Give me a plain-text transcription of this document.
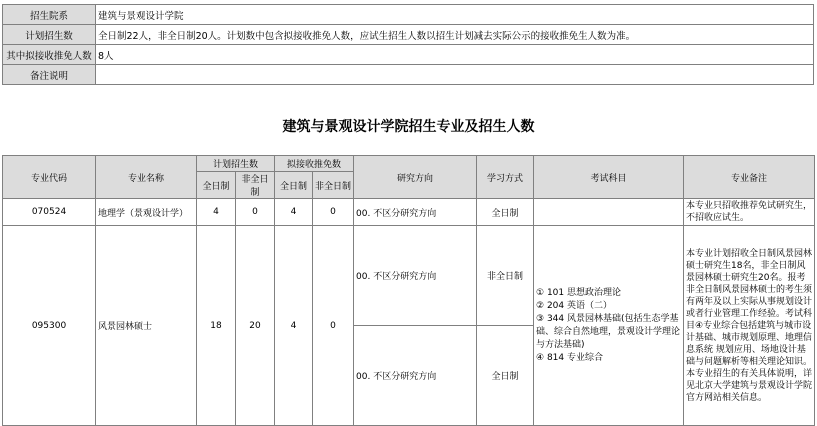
招生院系	建筑与景观设计学院
计划招生数	全日制22人，非全日制20人。计划数中包含拟接收推免人数，应试生招生人数以招生计划减去实际公示的接收推免生人数为准。
其中拟接收推免人数	8人
备注说明	
建筑与景观设计学院招生专业及招生人数
专业代码	专业名称	计划招生数		拟接收推免数		研究方向	学习方式	考试科目	专业备注
		全日制	非全日制	全日制	非全日制				
070524	地理学（景观设计学）	4	0	4	0	00. 不区分研究方向	全日制		本专业只招收推荐免试研究生，不招收应试生。
095300	风景园林硕士	18	20	4	0	00. 不区分研究方向	非全日制	① 101 思想政治理论
② 204 英语（二）
③ 344 风景园林基础(包括生态学基础、综合自然地理，景观设计学理论与方法基础)
④ 814 专业综合	本专业计划招收全日制风景园林硕士研究生18名，非全日制风景园林硕士研究生20名。报考非全日制风景园林硕士的考生须有两年及以上实际从事规划设计或者行业管理工作经验。考试科目④专业综合包括建筑与城市设计基础、城市规划原理、地理信息系统 规划应用、场地设计基础与问题解析等相关理论知识。本专业招生的有关具体说明，详见北京大学建筑与景观设计学院官方网站相关信息。
						00. 不区分研究方向	全日制		
